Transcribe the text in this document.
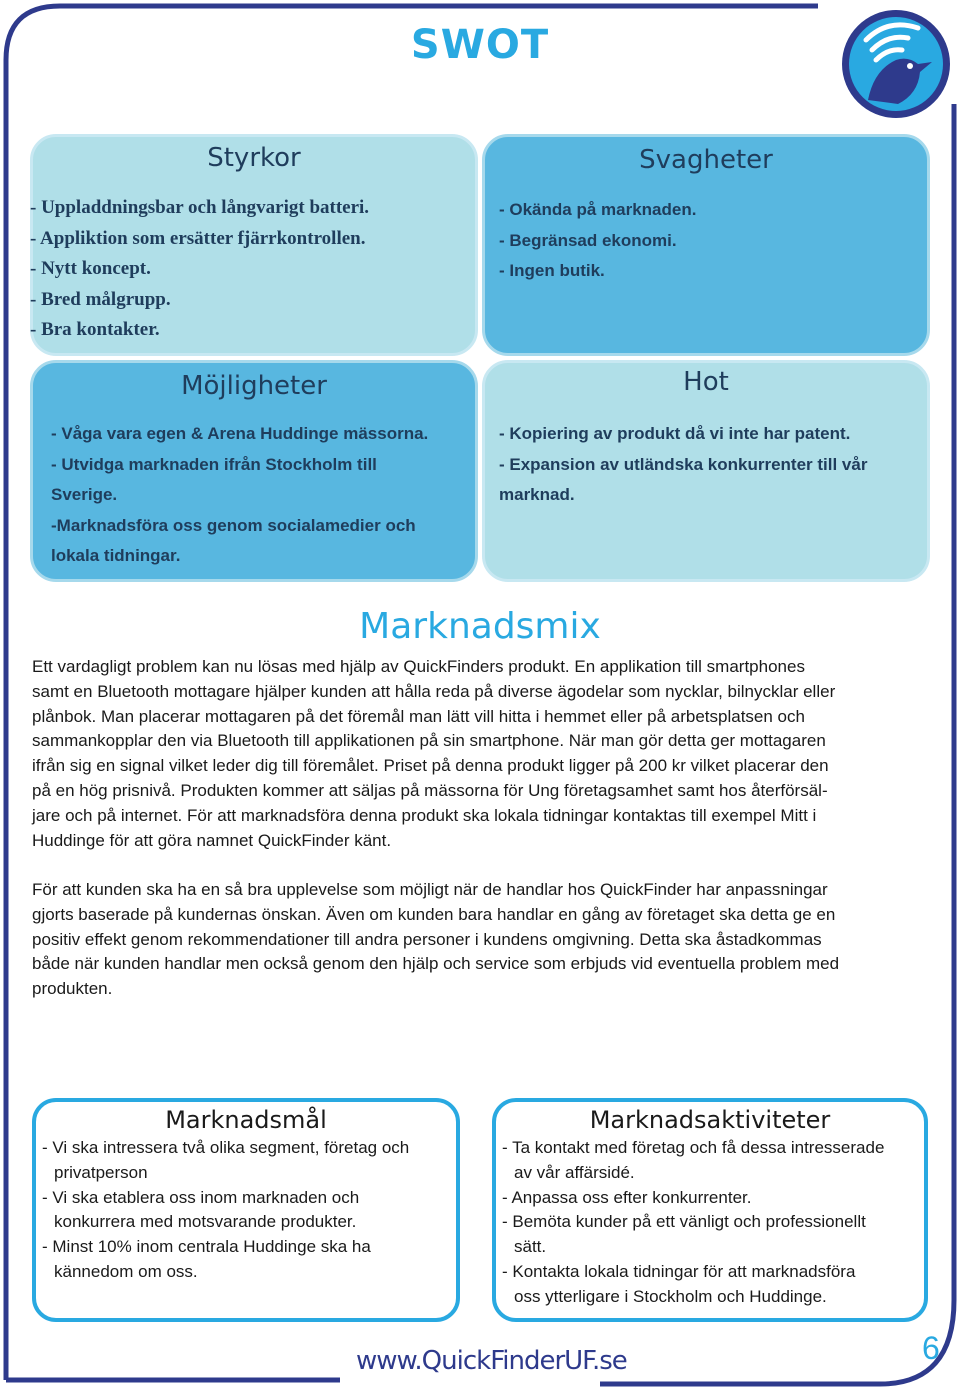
SWOT
Styrkor
- Uppladdningsbar och långvarigt batteri.
- Appliktion som ersätter fjärrkontrollen.
- Nytt koncept.
- Bred målgrupp.
- Bra kontakter.
Svagheter
- Okända på marknaden.
- Begränsad ekonomi.
- Ingen butik.
Möjligheter
- Våga vara egen & Arena Huddinge mässorna.
- Utvidga marknaden ifrån Stockholm till
Sverige.
-Marknadsföra oss genom socialamedier och
lokala tidningar.
Hot
- Kopiering av produkt då vi inte har patent.
- Expansion av utländska konkurrenter till vår
marknad.
Marknadsmix
Ett vardagligt problem kan nu lösas med hjälp av QuickFinders produkt. En applikation till smartphones
samt en Bluetooth mottagare hjälper kunden att hålla reda på diverse ägodelar som nycklar, bilnycklar eller
plånbok. Man placerar mottagaren på det föremål man lätt vill hitta i hemmet eller på arbetsplatsen och
sammankopplar den via Bluetooth till applikationen på sin smartphone. När man gör detta ger mottagaren
ifrån sig en signal vilket leder dig till föremålet. Priset på denna produkt ligger på 200 kr vilket placerar den
på en hög prisnivå. Produkten kommer att säljas på mässorna för Ung företagsamhet samt hos återförsäl-
jare och på internet. För att marknadsföra denna produkt ska lokala tidningar kontaktas till exempel Mitt i
Huddinge för att göra namnet QuickFinder känt.
För att kunden ska ha en så bra upplevelse som möjligt när de handlar hos QuickFinder har anpassningar
gjorts baserade på kundernas önskan. Även om kunden bara handlar en gång av företaget ska detta ge en
positiv effekt genom rekommendationer till andra personer i kundens omgivning. Detta ska åstadkommas
både när kunden handlar men också genom den hjälp och service som erbjuds vid eventuella problem med
produkten.
Marknadsmål
- Vi ska intressera två olika segment, företag och
privatperson
- Vi ska etablera oss inom marknaden och
konkurrera med motsvarande produkter.
- Minst 10% inom centrala Huddinge ska ha
kännedom om oss.
Marknadsaktiviteter
- Ta kontakt med företag och få dessa intresserade
av vår affärsidé.
- Anpassa oss efter konkurrenter.
- Bemöta kunder på ett vänligt och professionellt
sätt.
- Kontakta lokala tidningar för att marknadsföra
oss ytterligare i Stockholm och Huddinge.
www.QuickFinderUF.se	6
